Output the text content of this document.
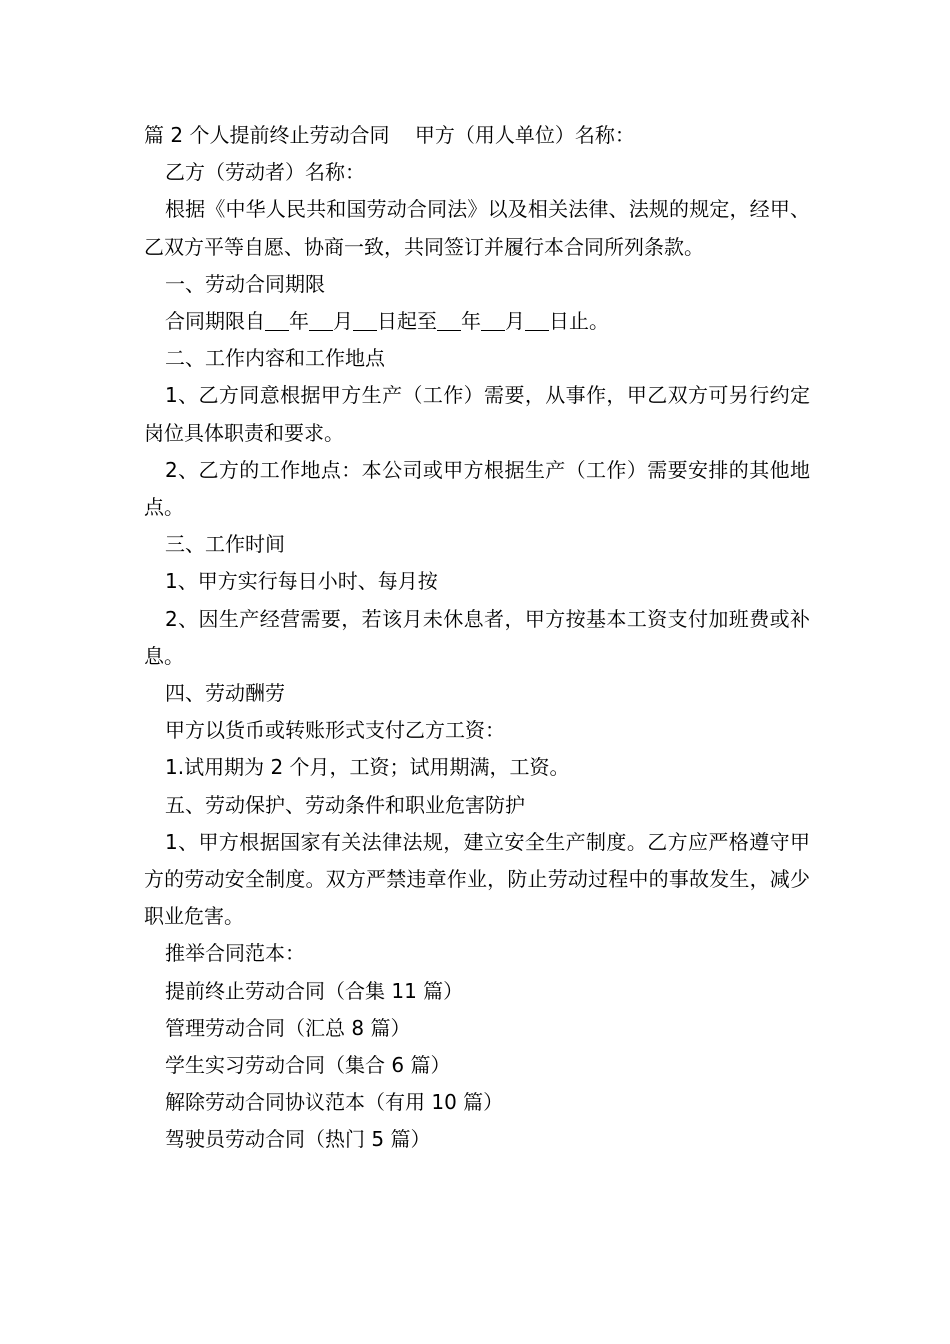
篇 2 个人提前终止劳动合同 甲方（用人单位）名称：

乙方（劳动者）名称：

根据《中华人民共和国劳动合同法》以及相关法律、法规的规定，经甲、乙双方平等自愿、协商一致，共同签订并履行本合同所列条款。

一、劳动合同期限

合同期限自 年 月 日起至 年 月 日止。

二、工作内容和工作地点

1、乙方同意根据甲方生产（工作）需要，从事作，甲乙双方可另行约定岗位具体职责和要求。

2、乙方的工作地点：本公司或甲方根据生产（工作）需要安排的其他地点。

三、工作时间

1、甲方实行每日小时、每月按

2、因生产经营需要，若该月未休息者，甲方按基本工资支付加班费或补息。

四、劳动酬劳

甲方以货币或转账形式支付乙方工资：

1.试用期为 2 个月，工资；试用期满，工资。

五、劳动保护、劳动条件和职业危害防护

1、甲方根据国家有关法律法规，建立安全生产制度。乙方应严格遵守甲方的劳动安全制度。双方严禁违章作业，防止劳动过程中的事故发生，减少职业危害。

推举合同范本：

提前终止劳动合同（合集 11 篇）

管理劳动合同（汇总 8 篇）

学生实习劳动合同（集合 6 篇）

解除劳动合同协议范本（有用 10 篇）

驾驶员劳动合同（热门 5 篇）
